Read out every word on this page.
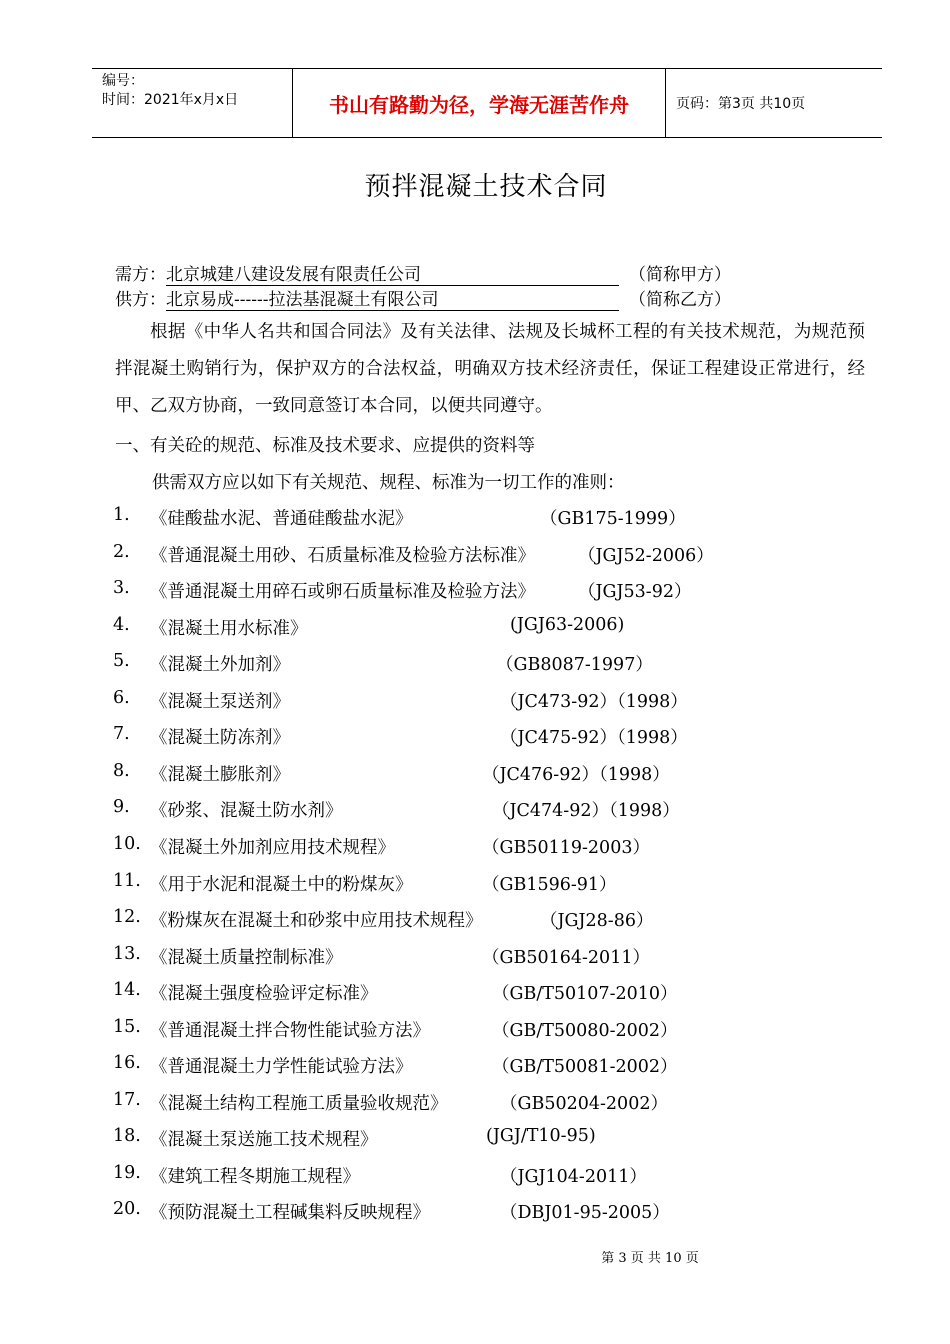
编号：
时间：2021年x月x日	书山有路勤为径，学海无涯苦作舟	页码：第3页 共10页
预拌混凝土技术合同
需方：北京城建八建设发展有限责任公司	（简称甲方）
供方：北京易成------拉法基混凝土有限公司	（简称乙方）
根据《中华人名共和国合同法》及有关法律、法规及长城杯工程的有关技术规范，为规范预拌混凝土购销行为，保护双方的合法权益，明确双方技术经济责任，保证工程建设正常进行，经甲、乙双方协商，一致同意签订本合同，以便共同遵守。
一、有关砼的规范、标准及技术要求、应提供的资料等
供需双方应以如下有关规范、规程、标准为一切工作的准则：
1. 《硅酸盐水泥、普通硅酸盐水泥》	（GB175-1999）
2. 《普通混凝土用砂、石质量标准及检验方法标准》 （JGJ52-2006）
3. 《普通混凝土用碎石或卵石质量标准及检验方法》 （JGJ53-92）
4. 《混凝土用水标准》	(JGJ63-2006)
5. 《混凝土外加剂》	（GB8087-1997）
6. 《混凝土泵送剂》	（JC473-92）（1998）
7. 《混凝土防冻剂》	（JC475-92）（1998）
8. 《混凝土膨胀剂》	（JC476-92）（1998）
9. 《砂浆、混凝土防水剂》	（JC474-92）（1998）
10. 《混凝土外加剂应用技术规程》	（GB50119-2003）
11. 《用于水泥和混凝土中的粉煤灰》	（GB1596-91）
12. 《粉煤灰在混凝土和砂浆中应用技术规程》	（JGJ28-86）
13. 《混凝土质量控制标准》	（GB50164-2011）
14. 《混凝土强度检验评定标准》	（GB/T50107-2010）
15. 《普通混凝土拌合物性能试验方法》	（GB/T50080-2002）
16. 《普通混凝土力学性能试验方法》	（GB/T50081-2002）
17. 《混凝土结构工程施工质量验收规范》	（GB50204-2002）
18. 《混凝土泵送施工技术规程》	(JGJ/T10-95)
19. 《建筑工程冬期施工规程》	（JGJ104-2011）
20. 《预防混凝土工程碱集料反映规程》	（DBJ01-95-2005）
第 3 页 共 10 页
